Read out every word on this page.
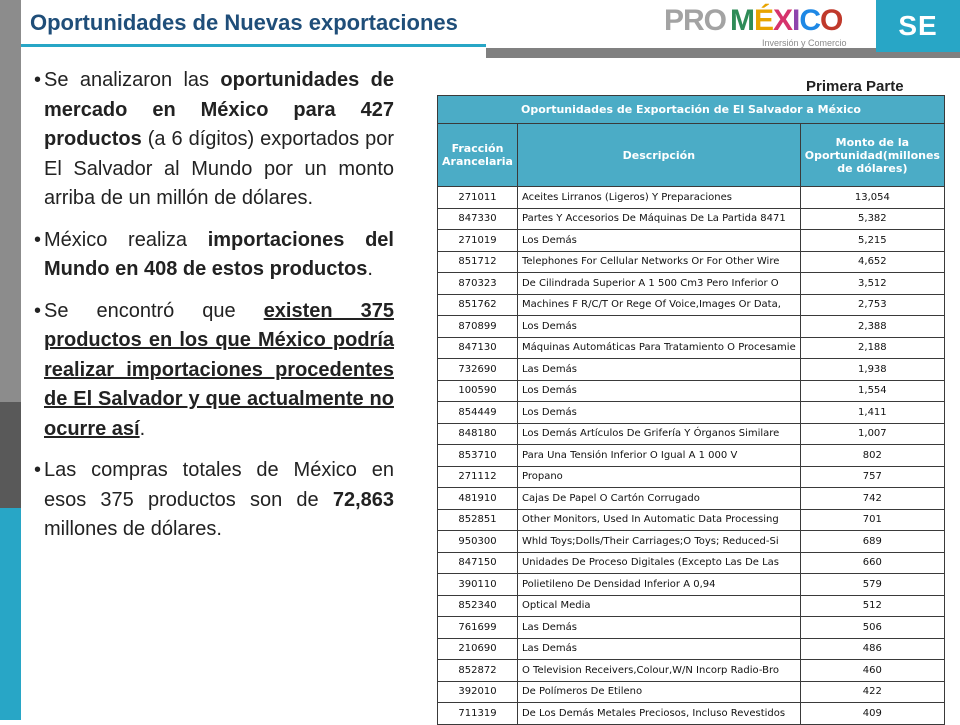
Oportunidades de Nuevas exportaciones	PRO MÉXICO
Inversión y Comercio
SE
• Se analizaron las oportunidades de mercado en México para 427 productos (a 6 dígitos) exportados por El Salvador al Mundo por un monto arriba de un millón de dólares.
• México realiza importaciones del Mundo en 408 de estos productos.
• Se encontró que existen 375 productos en los que México podría realizar importaciones procedentes de El Salvador y que actualmente no ocurre así.
• Las compras totales de México en esos 375 productos son de 72,863 millones de dólares.
Primera Parte
Oportunidades de Exportación de El Salvador a México		
Fracción Arancelaria	Descripción	Monto de la Oportunidad(millones de dólares)
271011	Aceites Lirranos (Ligeros) Y Preparaciones	13,054
847330	Partes Y Accesorios De Máquinas De La Partida 8471	5,382
271019	Los Demás	5,215
851712	Telephones For Cellular Networks Or For Other Wire	4,652
870323	De Cilindrada Superior A 1 500 Cm3 Pero Inferior O	3,512
851762	Machines F R/C/T Or Rege Of Voice,Images Or Data,	2,753
870899	Los Demás	2,388
847130	Máquinas Automáticas Para Tratamiento O Procesamie	2,188
732690	Las Demás	1,938
100590	Los Demás	1,554
854449	Los Demás	1,411
848180	Los Demás Artículos De Grifería Y Órganos Similare	1,007
853710	Para Una Tensión Inferior O Igual A 1 000 V	802
271112	Propano	757
481910	Cajas De Papel O Cartón Corrugado	742
852851	Other Monitors, Used In Automatic Data Processing	701
950300	Whld Toys;Dolls/Their Carriages;O Toys; Reduced-Si	689
847150	Unidades De Proceso Digitales (Excepto Las De Las	660
390110	Polietileno De Densidad Inferior A 0,94	579
852340	Optical Media	512
761699	Las Demás	506
210690	Las Demás	486
852872	O Television Receivers,Colour,W/N Incorp Radio-Bro	460
392010	De Polímeros De Etileno	422
711319	De Los Demás Metales Preciosos, Incluso Revestidos	409
